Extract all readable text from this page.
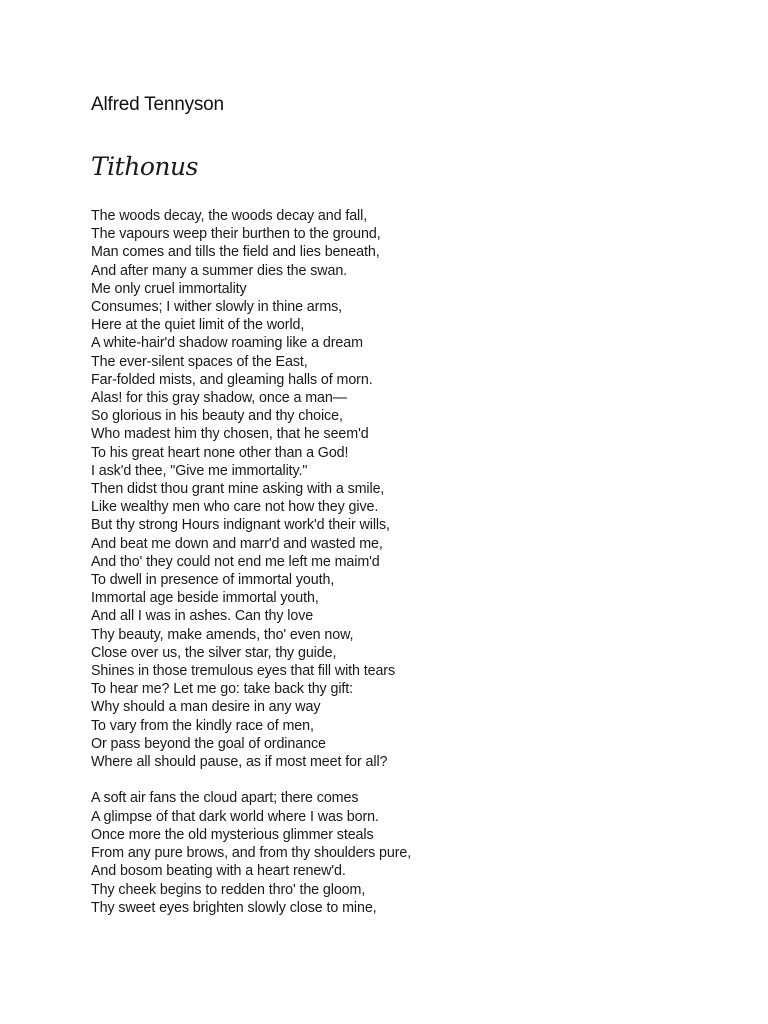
Alfred Tennyson
Tithonus
The woods decay, the woods decay and fall,
The vapours weep their burthen to the ground,
Man comes and tills the field and lies beneath,
And after many a summer dies the swan.
Me only cruel immortality
Consumes; I wither slowly in thine arms,
Here at the quiet limit of the world,
A white-hair'd shadow roaming like a dream
The ever-silent spaces of the East,
Far-folded mists, and gleaming halls of morn.
Alas! for this gray shadow, once a man—
So glorious in his beauty and thy choice,
Who madest him thy chosen, that he seem'd
To his great heart none other than a God!
I ask'd thee, "Give me immortality."
Then didst thou grant mine asking with a smile,
Like wealthy men who care not how they give.
But thy strong Hours indignant work'd their wills,
And beat me down and marr'd and wasted me,
And tho' they could not end me left me maim'd
To dwell in presence of immortal youth,
Immortal age beside immortal youth,
And all I was in ashes. Can thy love
Thy beauty, make amends, tho' even now,
Close over us, the silver star, thy guide,
Shines in those tremulous eyes that fill with tears
To hear me? Let me go: take back thy gift:
Why should a man desire in any way
To vary from the kindly race of men,
Or pass beyond the goal of ordinance
Where all should pause, as if most meet for all?
A soft air fans the cloud apart; there comes
A glimpse of that dark world where I was born.
Once more the old mysterious glimmer steals
From any pure brows, and from thy shoulders pure,
And bosom beating with a heart renew'd.
Thy cheek begins to redden thro' the gloom,
Thy sweet eyes brighten slowly close to mine,
